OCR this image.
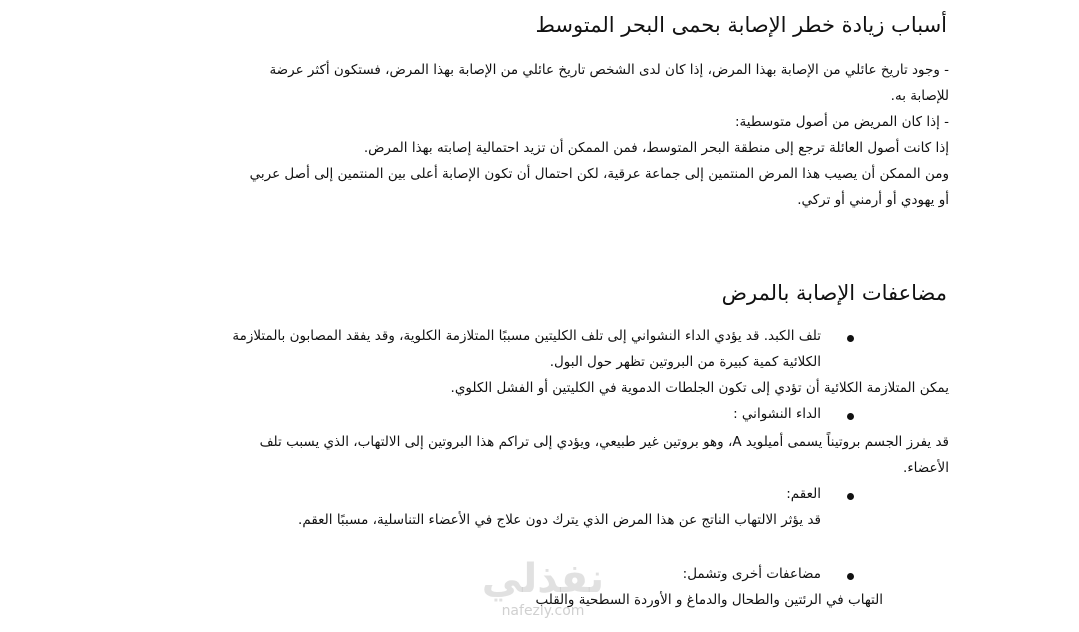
أسباب زيادة خطر الإصابة بحمى البحر المتوسط

- وجود تاريخ عائلي من الإصابة بهذا المرض، إذا كان لدى الشخص تاريخ عائلي من الإصابة بهذا المرض، فستكون أكثر عرضة

للإصابة به.

- إذا كان المريض من أصول متوسطية:

إذا كانت أصول العائلة ترجع إلى منطقة البحر المتوسط، فمن الممكن أن تزيد احتمالية إصابته بهذا المرض.

ومن الممكن أن يصيب هذا المرض المنتمين إلى جماعة عرقية، لكن احتمال أن تكون الإصابة أعلى بين المنتمين إلى أصل عربي

أو يهودي أو أرمني أو تركي.

مضاعفات الإصابة بالمرض

تلف الكبد. قد يؤدي الداء النشواني إلى تلف الكليتين مسببًا المتلازمة الكلوية، وقد يفقد المصابون بالمتلازمة

الكلائية كمية كبيرة من البروتين تظهر حول البول.

يمكن المتلازمة الكلائية أن تؤدي إلى تكون الجلطات الدموية في الكليتين أو الفشل الكلوي.

الداء النشواني :

قد يفرز الجسم بروتيناً يسمى أميلويد A، وهو بروتين غير طبيعي، ويؤدي إلى تراكم هذا البروتين إلى الالتهاب، الذي يسبب تلف

الأعضاء.

العقم:

قد يؤثر الالتهاب الناتج عن هذا المرض الذي يترك دون علاج في الأعضاء التناسلية، مسببًا العقم.

مضاعفات أخرى وتشمل:

التهاب في الرئتين والطحال والدماغ و الأوردة السطحية والقلب

نفذلي
nafezly.com
